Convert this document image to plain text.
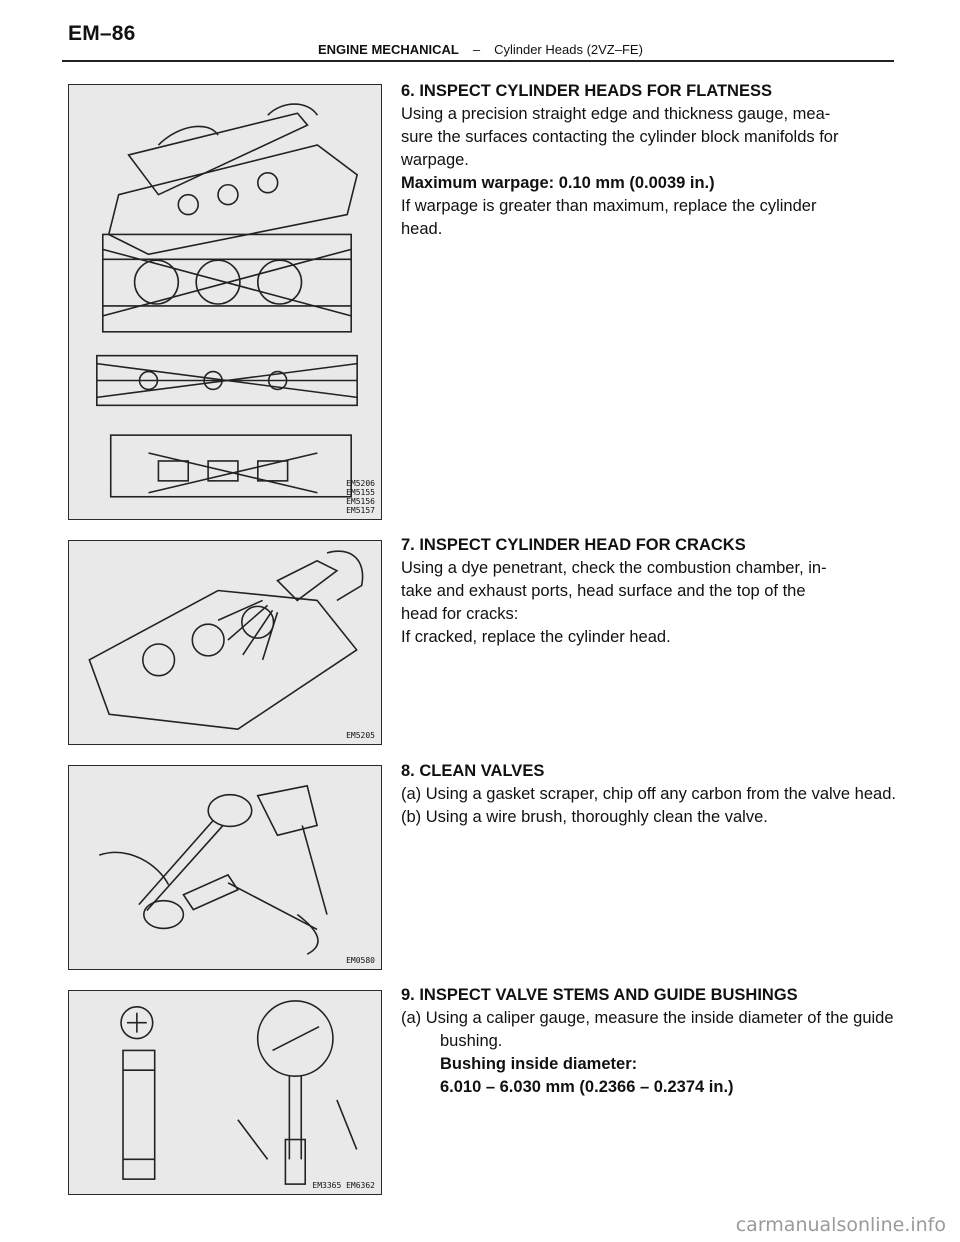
EM–86
ENGINE MECHANICAL – Cylinder Heads (2VZ–FE)
EM5206
EM5155
EM5156
EM5157
EM5205
EM0580
EM3365 EM6362

6. INSPECT CYLINDER HEADS FOR FLATNESS

Using a precision straight edge and thickness gauge, mea-

sure the surfaces contacting the cylinder block manifolds for

warpage.

Maximum warpage: 0.10 mm (0.0039 in.)

If warpage is greater than maximum, replace the cylinder

head.

7. INSPECT CYLINDER HEAD FOR CRACKS

Using a dye penetrant, check the combustion chamber, in-

take and exhaust ports, head surface and the top of the

head for cracks:

If cracked, replace the cylinder head.

8. CLEAN VALVES

(a) Using a gasket scraper, chip off any carbon from the valve head.

(b) Using a wire brush, thoroughly clean the valve.

9. INSPECT VALVE STEMS AND GUIDE BUSHINGS

(a) Using a caliper gauge, measure the inside diameter of the guide bushing.

Bushing inside diameter:

6.010 – 6.030 mm (0.2366 – 0.2374 in.)

carmanualsonline.info
